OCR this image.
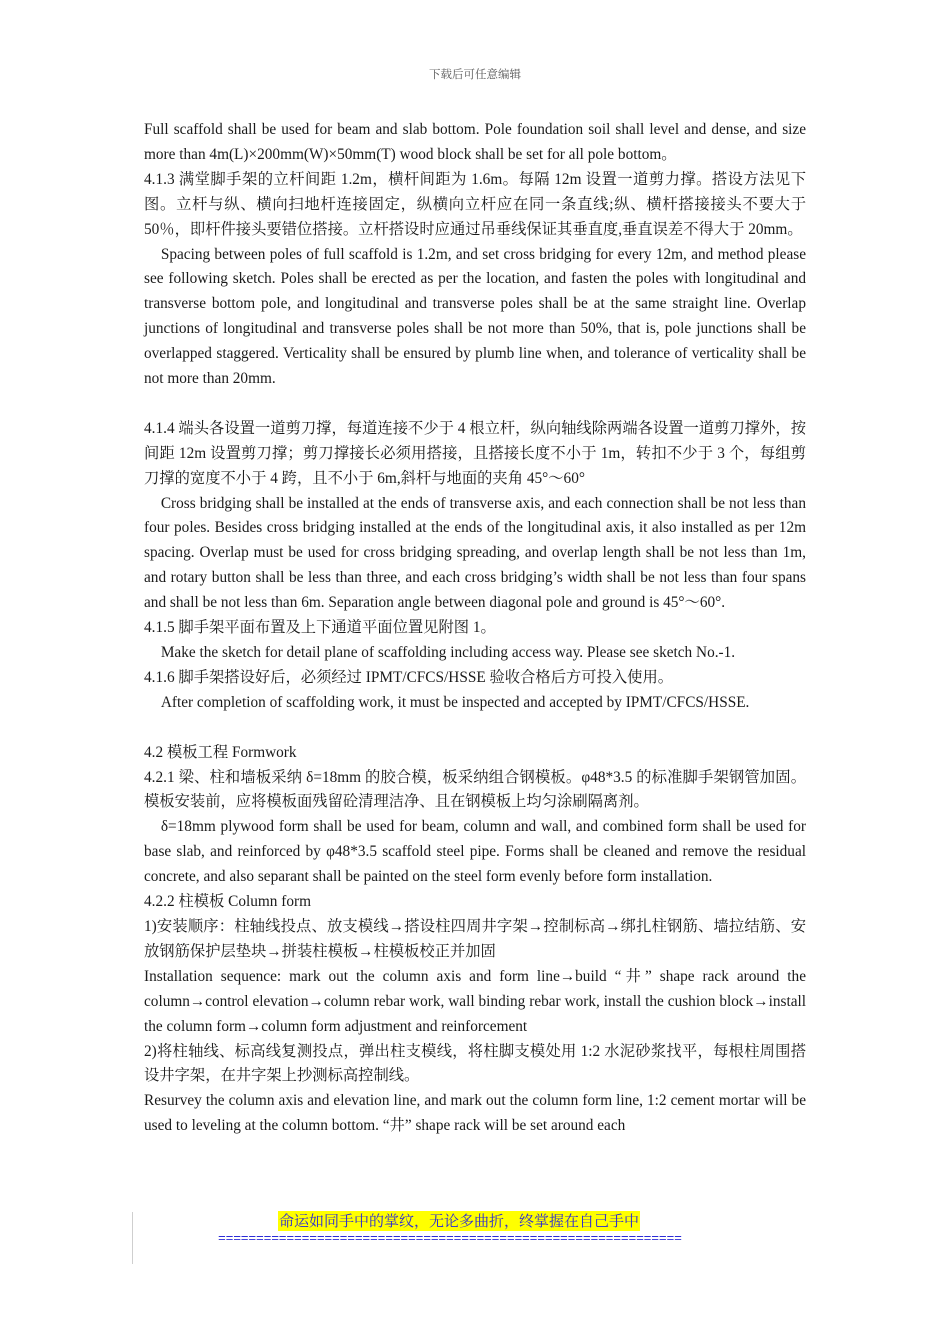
下载后可任意编辑

Full scaffold shall be used for beam and slab bottom. Pole foundation soil shall level and dense, and size more than 4m(L)×200mm(W)×50mm(T) wood block shall be set for all pole bottom。

4.1.3 满堂脚手架的立杆间距 1.2m，横杆间距为 1.6m。每隔 12m 设置一道剪力撑。搭设方法见下图。立杆与纵、横向扫地杆连接固定，纵横向立杆应在同一条直线;纵、横杆搭接接头不要大于 50％，即杆件接头要错位搭接。立杆搭设时应通过吊垂线保证其垂直度,垂直误差不得大于 20mm。

Spacing between poles of full scaffold is 1.2m, and set cross bridging for every 12m, and method please see following sketch. Poles shall be erected as per the location, and fasten the poles with longitudinal and transverse bottom pole, and longitudinal and transverse poles shall be at the same straight line. Overlap junctions of longitudinal and transverse poles shall be not more than 50%, that is, pole junctions shall be overlapped staggered. Verticality shall be ensured by plumb line when, and tolerance of verticality shall be not more than 20mm.

4.1.4 端头各设置一道剪刀撑，每道连接不少于 4 根立杆，纵向轴线除两端各设置一道剪刀撑外，按间距 12m 设置剪刀撑；剪刀撑接长必须用搭接，且搭接长度不小于 1m，转扣不少于 3 个，每组剪刀撑的宽度不小于 4 跨，且不小于 6m,斜杆与地面的夹角 45°～60°

Cross bridging shall be installed at the ends of transverse axis, and each connection shall be not less than four poles. Besides cross bridging installed at the ends of the longitudinal axis, it also installed as per 12m spacing. Overlap must be used for cross bridging spreading, and overlap length shall be not less than 1m, and rotary button shall be less than three, and each cross bridging’s width shall be not less than four spans and shall be not less than 6m. Separation angle between diagonal pole and ground is 45°～60°.

4.1.5 脚手架平面布置及上下通道平面位置见附图 1。

Make the sketch for detail plane of scaffolding including access way. Please see sketch No.-1.

4.1.6 脚手架搭设好后，必须经过 IPMT/CFCS/HSSE 验收合格后方可投入使用。

After completion of scaffolding work, it must be inspected and accepted by IPMT/CFCS/HSSE.

4.2 模板工程 Formwork

4.2.1 梁、柱和墙板采纳 δ=18mm 的胶合模，板采纳组合钢模板。φ48*3.5 的标准脚手架钢管加固。模板安装前，应将模板面残留砼清理洁净、且在钢模板上均匀涂刷隔离剂。

δ=18mm plywood form shall be used for beam, column and wall, and combined form shall be used for base slab, and reinforced by φ48*3.5 scaffold steel pipe. Forms shall be cleaned and remove the residual concrete, and also separant shall be painted on the steel form evenly before form installation.

4.2.2 柱模板 Column form

1)安装顺序：柱轴线投点、放支模线→搭设柱四周井字架→控制标高→绑扎柱钢筋、墙拉结筋、安放钢筋保护层垫块→拼装柱模板→柱模板校正并加固

Installation sequence: mark out the column axis and form line→build “井” shape rack around the column→control elevation→column rebar work, wall binding rebar work, install the cushion block→install the column form→column form adjustment and reinforcement

2)将柱轴线、标高线复测投点，弹出柱支模线，将柱脚支模处用 1:2 水泥砂浆找平，每根柱周围搭设井字架，在井字架上抄测标高控制线。

Resurvey the column axis and elevation line, and mark out the column form line, 1:2 cement mortar will be used to leveling at the column bottom. “井” shape rack will be set around each

命运如同手中的掌纹，无论多曲折，终掌握在自己手中
=============================================================
